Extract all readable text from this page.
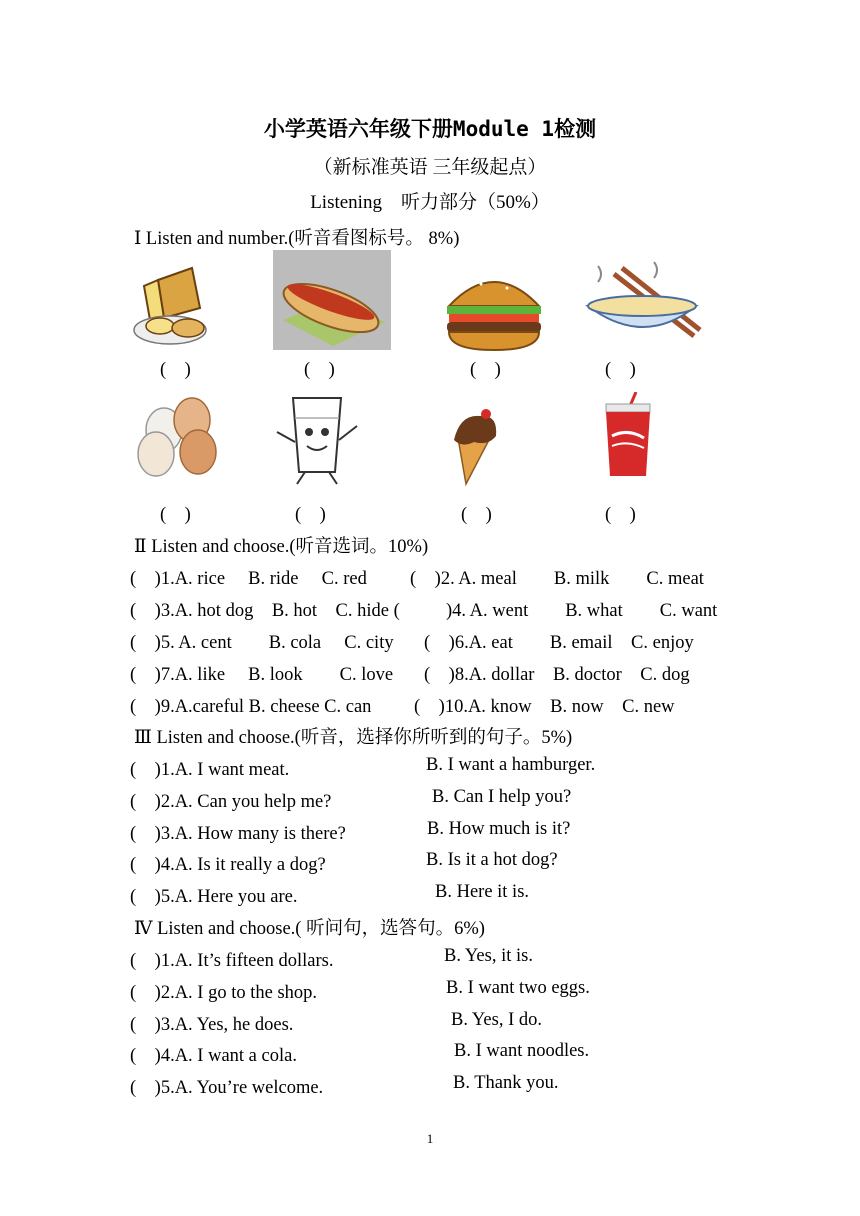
小学英语六年级下册Module 1检测
（新标准英语 三年级起点）
Listening　听力部分（50%）
Ⅰ Listen and number.(听音看图标号。 8%)
(　)	(　)	(　)	(　)
(　)	(　)	(　)	(　)
Ⅱ Listen and choose.(听音选词。10%)
(　)1.A. rice　 B. ride　 C. red (　)2. A. meal　　B. milk　　C. meat
(　)3.A. hot dog　B. hot　C. hide ( )4. A. went　　B. what　　C. want
(　)5. A. cent　　B. cola　 C. city (　)6.A. eat　　B. email　C. enjoy
(　)7.A. like　 B. look　　C. love (　)8.A. dollar　B. doctor　C. dog
(　)9.A.careful B. cheese C. can (　)10.A. know　B. now　C. new
Ⅲ Listen and choose.(听音，选择你所听到的句子。5%)
(　)1.A. I want meat.	B. I want a hamburger.
(　)2.A. Can you help me?	B. Can I help you?
(　)3.A. How many is there?	B. How much is it?
(　)4.A. Is it really a dog?	B. Is it a hot dog?
(　)5.A. Here you are.	B. Here it is.
Ⅳ Listen and choose.( 听问句，选答句。6%)
(　)1.A. It’s fifteen dollars.	B. Yes, it is.
(　)2.A. I go to the shop.	B. I want two eggs.
(　)3.A. Yes, he does.	B. Yes, I do.
(　)4.A. I want a cola.	B. I want noodles.
(　)5.A. You’re welcome.	B. Thank you.
1
